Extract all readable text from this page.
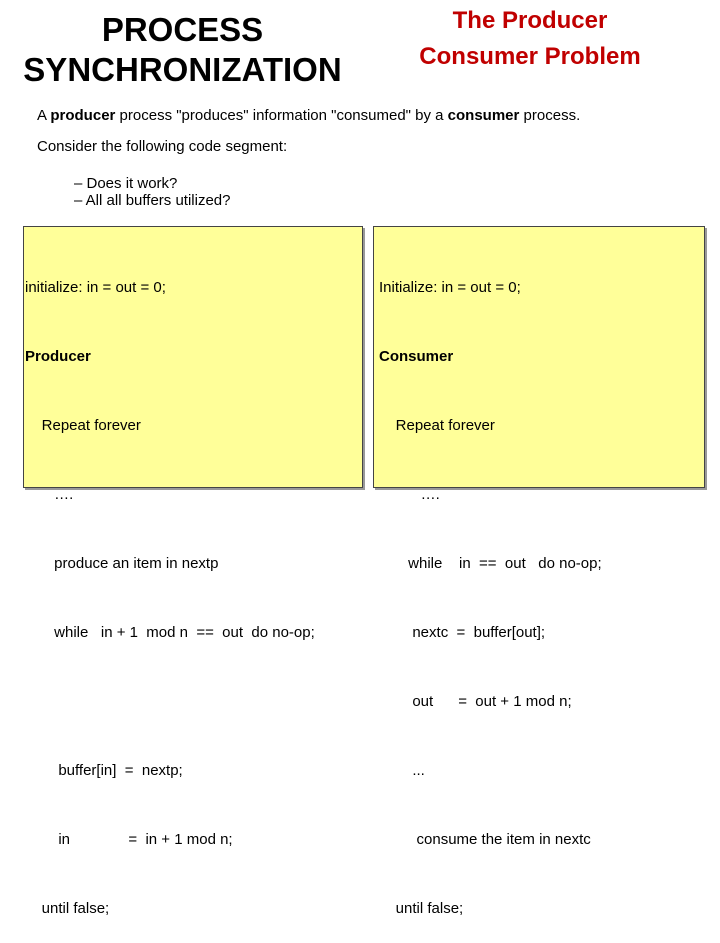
PROCESS
SYNCHRONIZATION
The Producer
Consumer Problem
A producer process "produces" information "consumed" by a consumer process.
Consider the following code segment:
– Does it work?
– All all buffers utilized?

initialize: in = out = 0;

Producer

Repeat forever

….

produce an item in nextp

while   in + 1  mod n  ==  out  do no-op;

buffer[in]  =  nextp;

in              =  in + 1 mod n;

until false;

Initialize: in = out = 0;

Consumer

Repeat forever

….

while    in  ==  out   do no-op;

nextc  =  buffer[out];

out      =  out + 1 mod n;

...

consume the item in nextc

until false;
